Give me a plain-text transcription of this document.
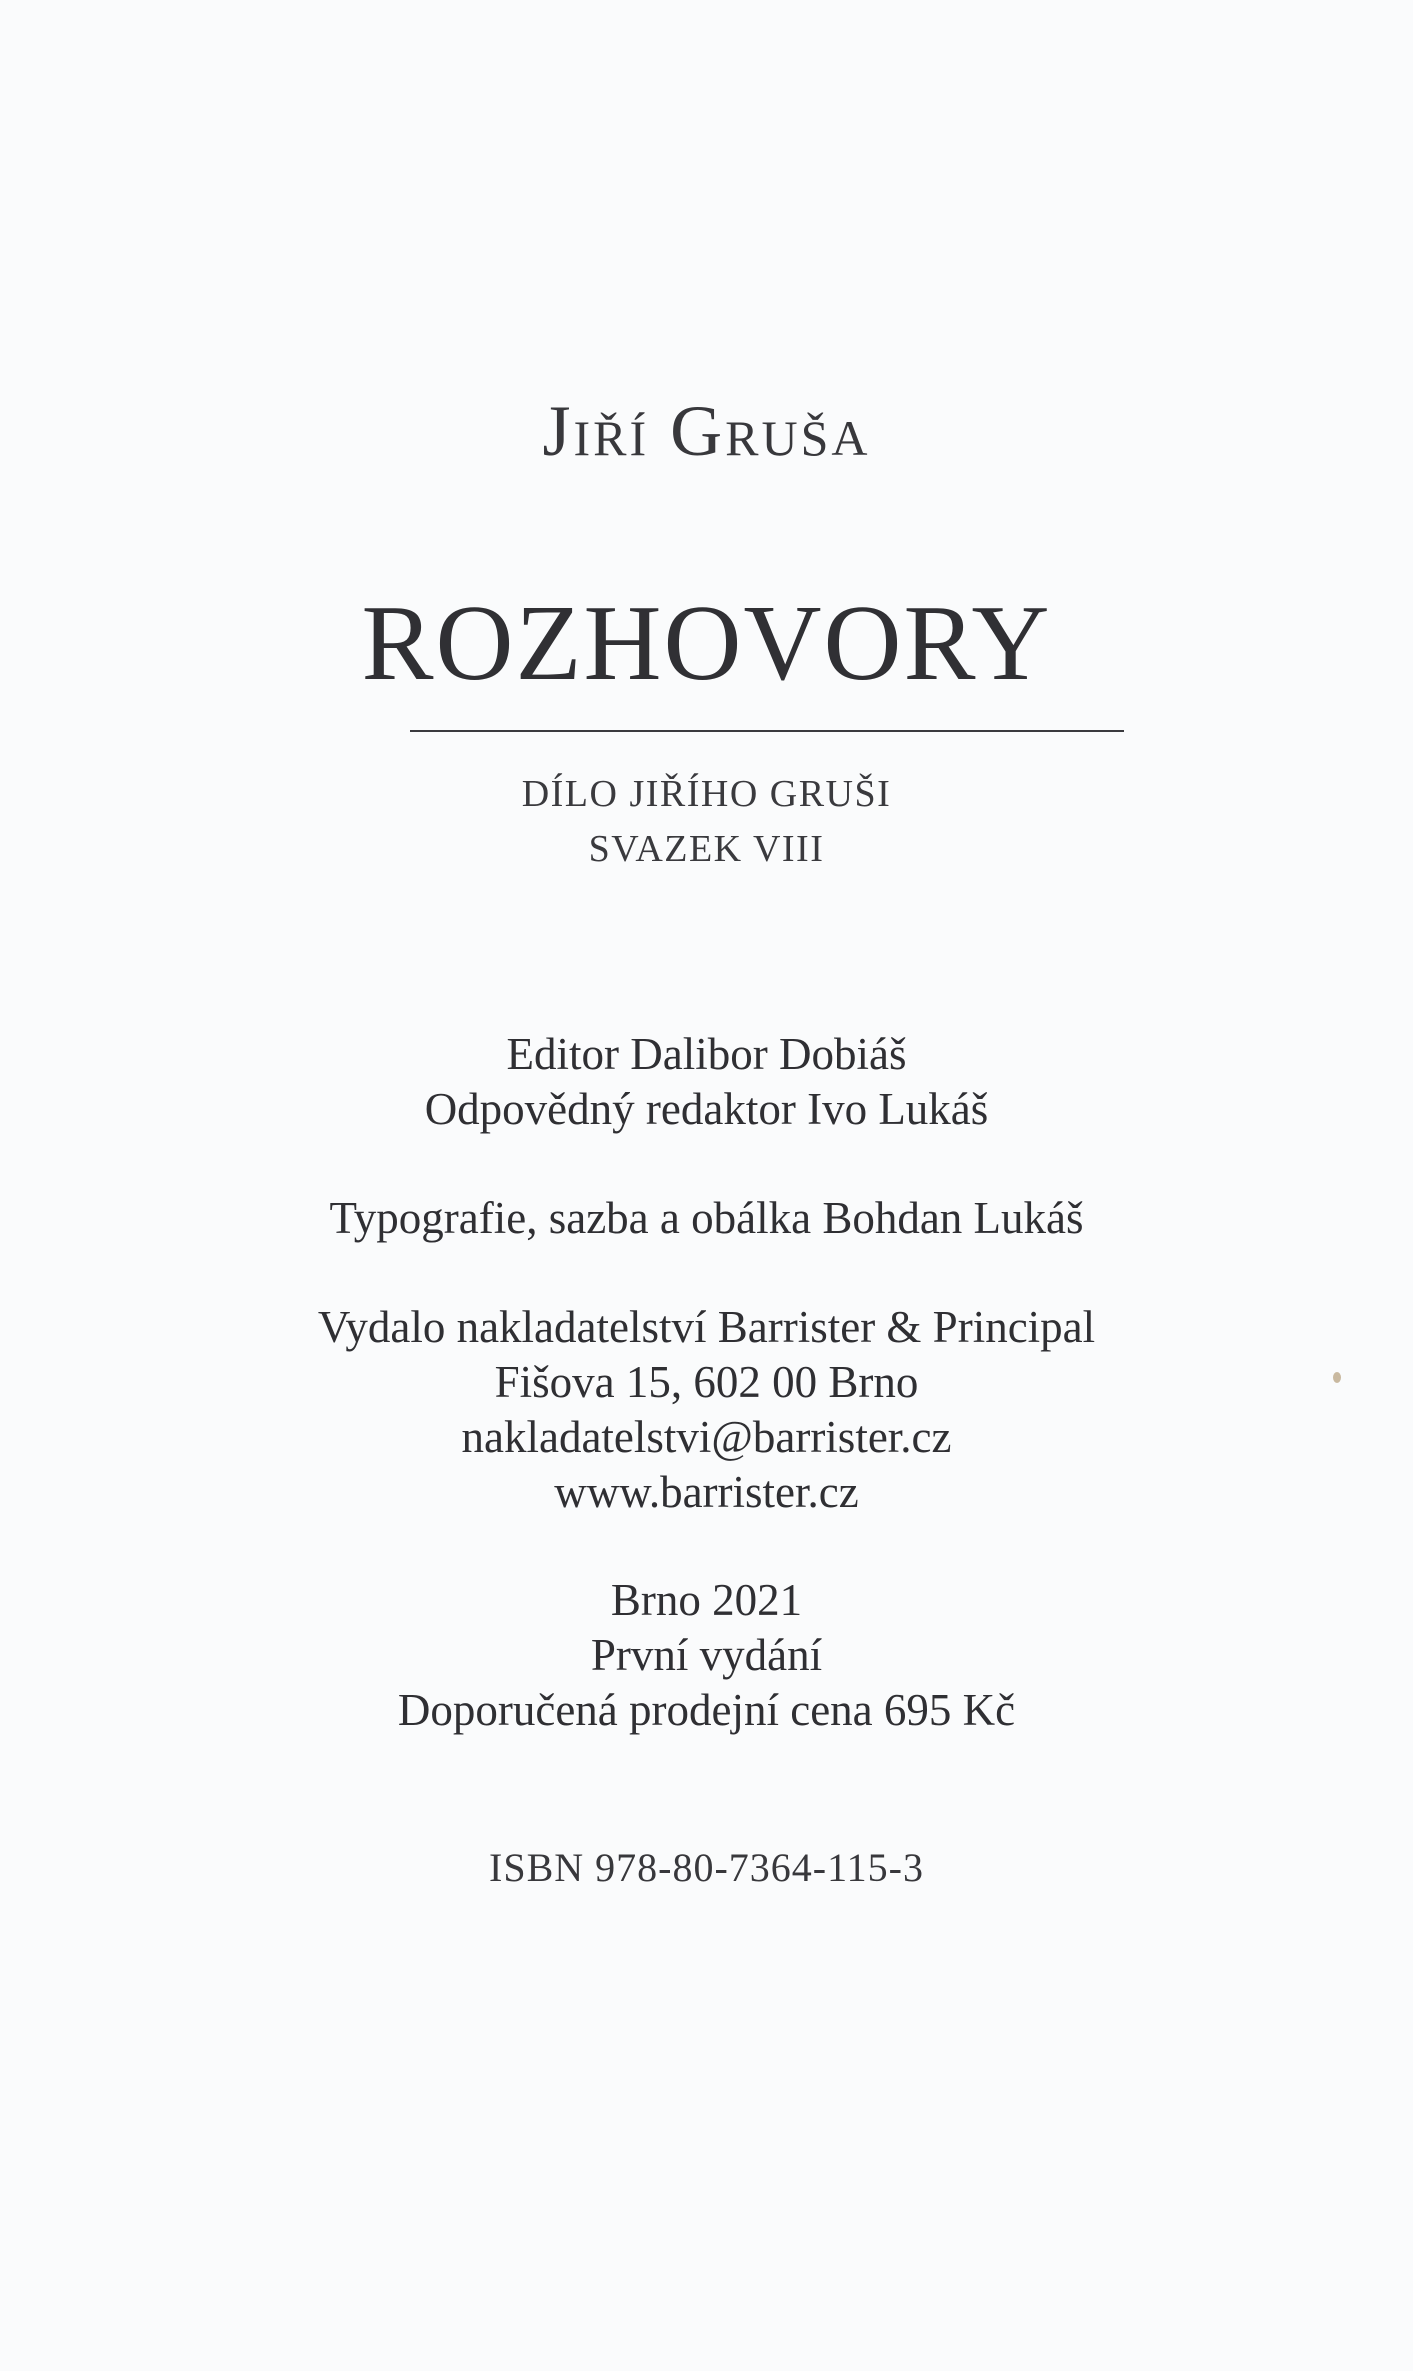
Jiří Gruša
ROZHOVORY
DÍLO JIŘÍHO GRUŠI
SVAZEK VIII
Editor Dalibor Dobiáš
Odpovědný redaktor Ivo Lukáš
Typografie, sazba a obálka Bohdan Lukáš
Vydalo nakladatelství Barrister & Principal
Fišova 15, 602 00 Brno
nakladatelstvi@barrister.cz
www.barrister.cz
Brno 2021
První vydání
Doporučená prodejní cena 695 Kč
ISBN 978-80-7364-115-3
